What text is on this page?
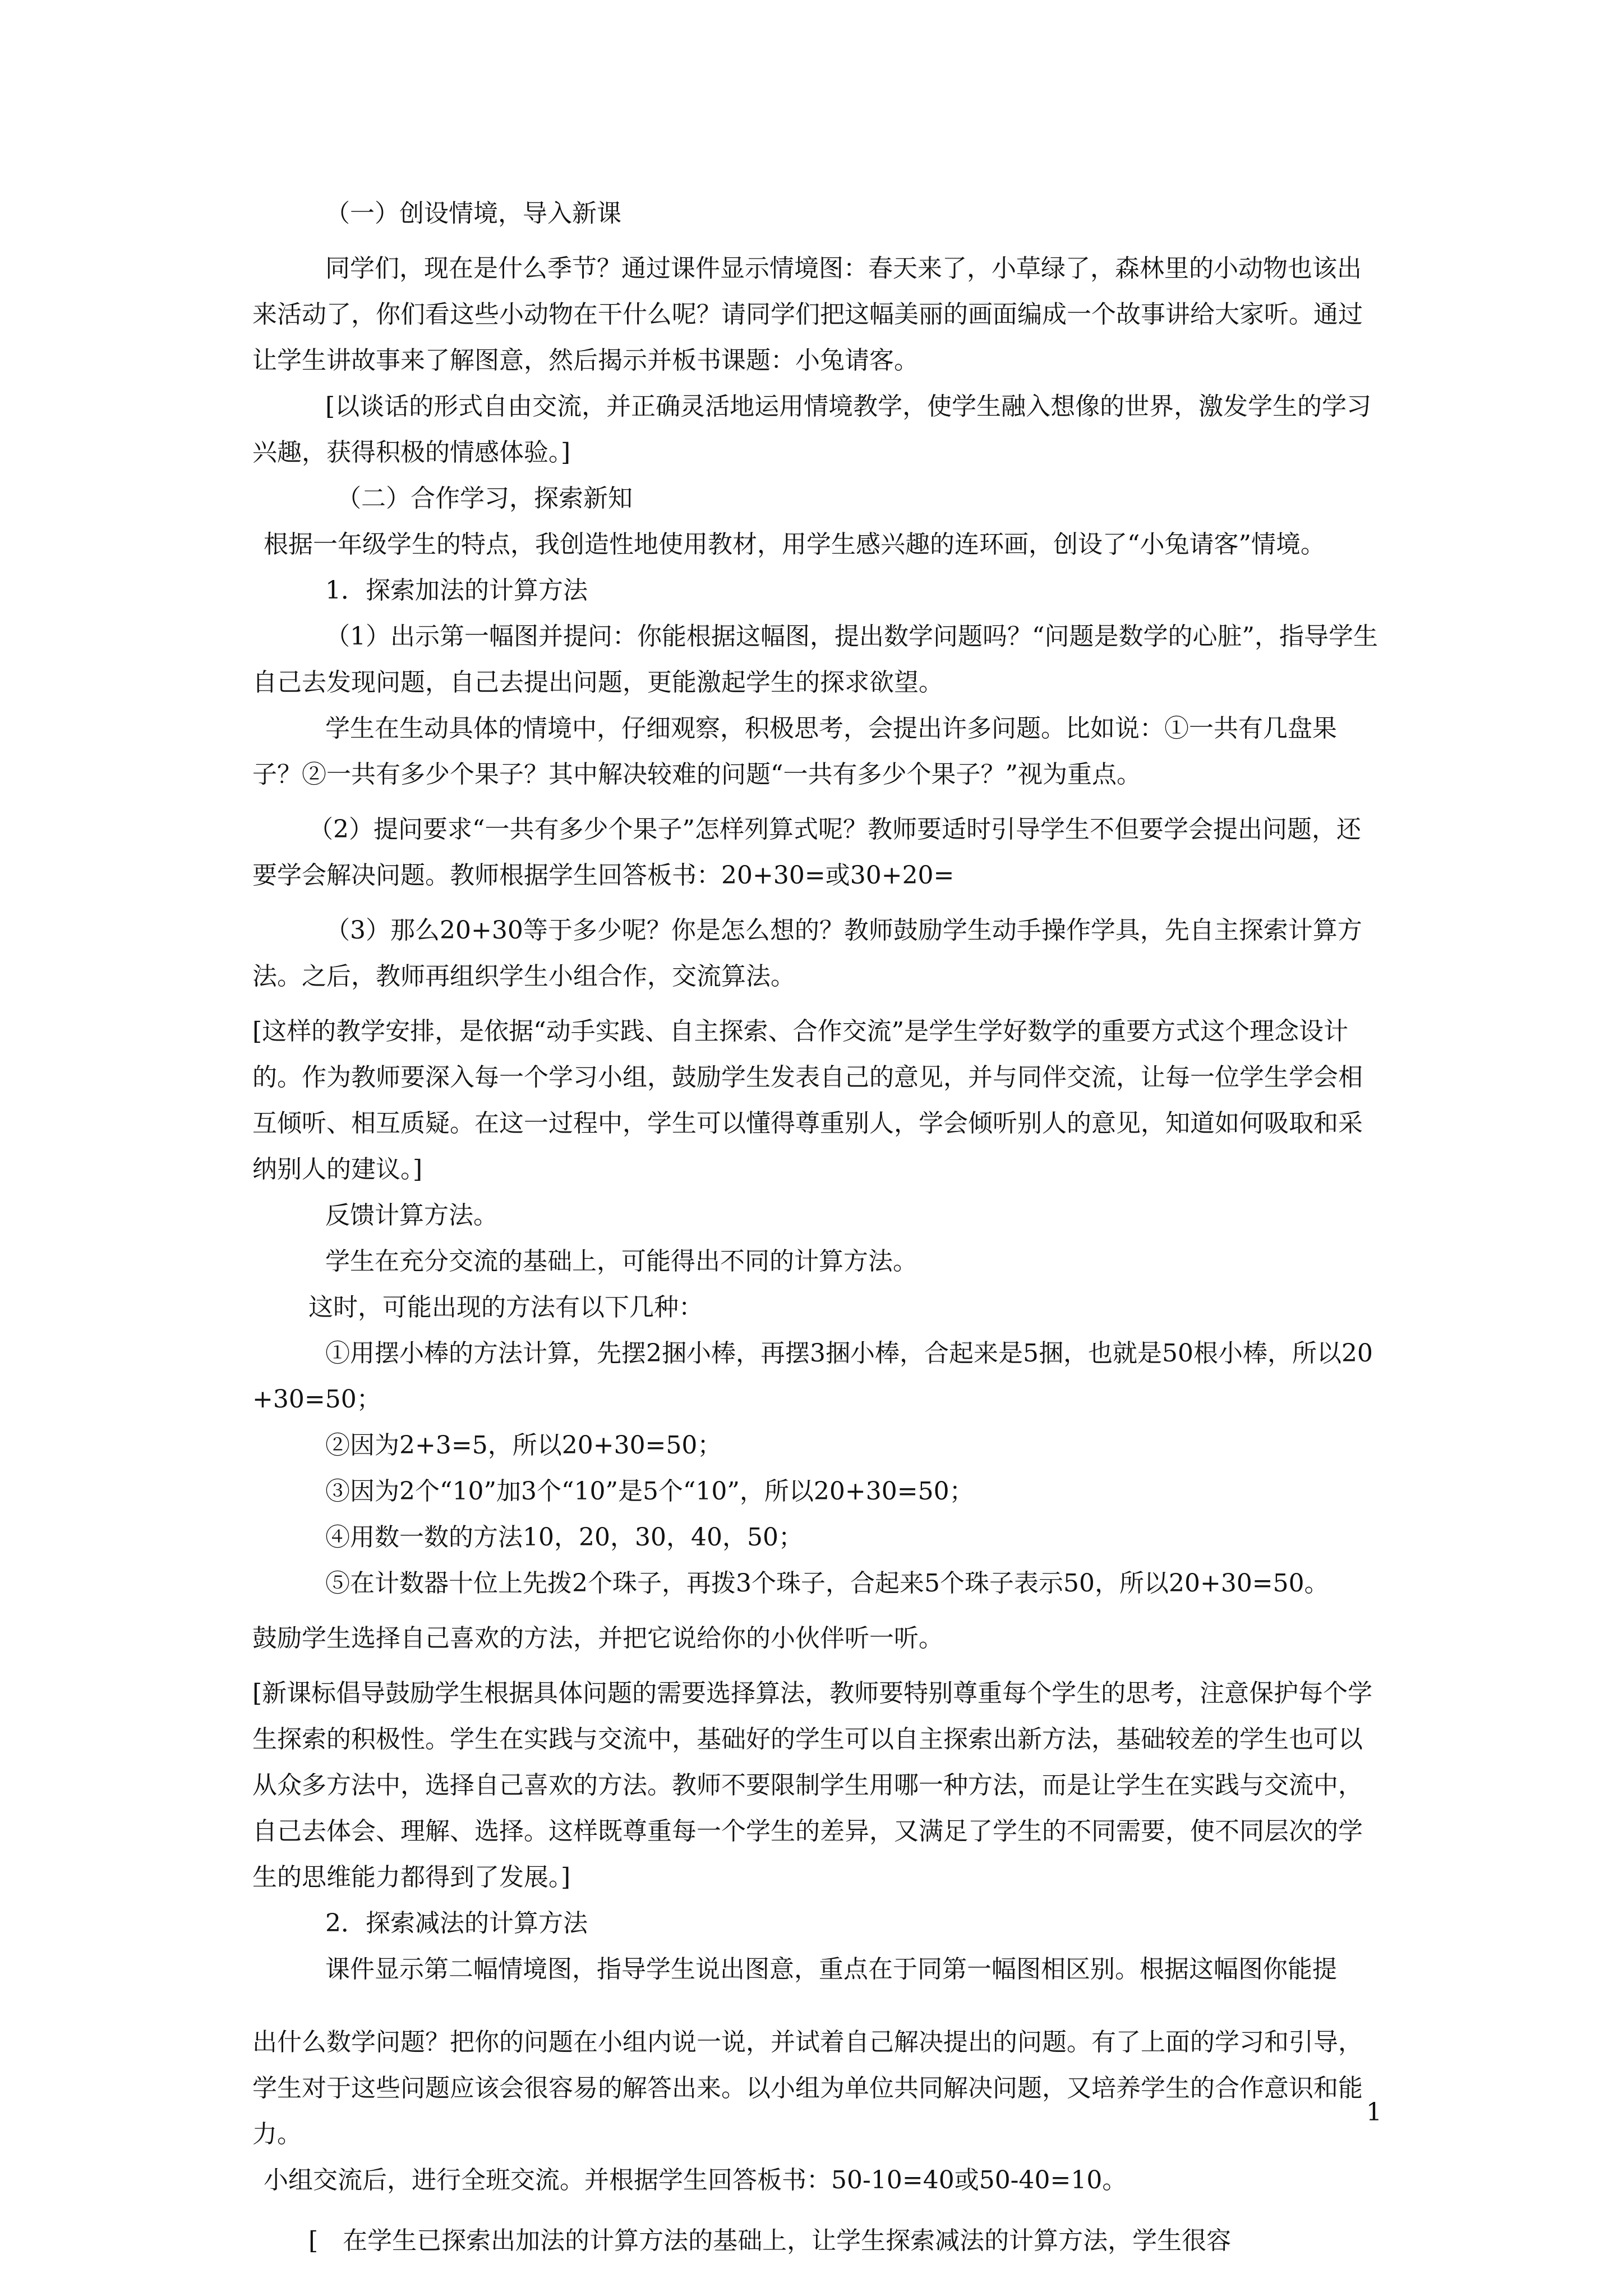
（一）创设情境，导入新课

同学们，现在是什么季节？通过课件显示情境图：春天来了，小草绿了，森林里的小动物也该出来活动了，你们看这些小动物在干什么呢？请同学们把这幅美丽的画面编成一个故事讲给大家听。通过让学生讲故事来了解图意，然后揭示并板书课题：小兔请客。

[以谈话的形式自由交流，并正确灵活地运用情境教学，使学生融入想像的世界，激发学生的学习兴趣，获得积极的情感体验。]

（二）合作学习，探索新知

根据一年级学生的特点，我创造性地使用教材，用学生感兴趣的连环画，创设了“小兔请客”情境。

1．探索加法的计算方法

（1）出示第一幅图并提问：你能根据这幅图，提出数学问题吗？“问题是数学的心脏”，指导学生自己去发现问题，自己去提出问题，更能激起学生的探求欲望。

学生在生动具体的情境中，仔细观察，积极思考，会提出许多问题。比如说：①一共有几盘果子？②一共有多少个果子？其中解决较难的问题“一共有多少个果子？”视为重点。

（2）提问要求“一共有多少个果子”怎样列算式呢？教师要适时引导学生不但要学会提出问题，还要学会解决问题。教师根据学生回答板书：20+30=或30+20=

（3）那么20+30等于多少呢？你是怎么想的？教师鼓励学生动手操作学具，先自主探索计算方法。之后，教师再组织学生小组合作，交流算法。

[这样的教学安排，是依据“动手实践、自主探索、合作交流”是学生学好数学的重要方式这个理念设计的。作为教师要深入每一个学习小组，鼓励学生发表自己的意见，并与同伴交流，让每一位学生学会相互倾听、相互质疑。在这一过程中，学生可以懂得尊重别人，学会倾听别人的意见，知道如何吸取和采纳别人的建议。]

反馈计算方法。

学生在充分交流的基础上，可能得出不同的计算方法。

这时，可能出现的方法有以下几种：

①用摆小棒的方法计算，先摆2捆小棒，再摆3捆小棒，合起来是5捆，也就是50根小棒，所以20+30=50；

②因为2+3=5，所以20+30=50；

③因为2个“10”加3个“10”是5个“10”，所以20+30=50；

④用数一数的方法10，20，30，40，50；

⑤在计数器十位上先拨2个珠子，再拨3个珠子，合起来5个珠子表示50，所以20+30=50。

鼓励学生选择自己喜欢的方法，并把它说给你的小伙伴听一听。

[新课标倡导鼓励学生根据具体问题的需要选择算法，教师要特别尊重每个学生的思考，注意保护每个学生探索的积极性。学生在实践与交流中，基础好的学生可以自主探索出新方法，基础较差的学生也可以从众多方法中，选择自己喜欢的方法。教师不要限制学生用哪一种方法，而是让学生在实践与交流中，自己去体会、理解、选择。这样既尊重每一个学生的差异，又满足了学生的不同需要，使不同层次的学生的思维能力都得到了发展。]

2．探索减法的计算方法

课件显示第二幅情境图，指导学生说出图意，重点在于同第一幅图相区别。根据这幅图你能提

出什么数学问题？把你的问题在小组内说一说，并试着自己解决提出的问题。有了上面的学习和引导，学生对于这些问题应该会很容易的解答出来。以小组为单位共同解决问题，又培养学生的合作意识和能力。

小组交流后，进行全班交流。并根据学生回答板书：50-10=40或50-40=10。

[　在学生已探索出加法的计算方法的基础上，让学生探索减法的计算方法，学生很容

1
